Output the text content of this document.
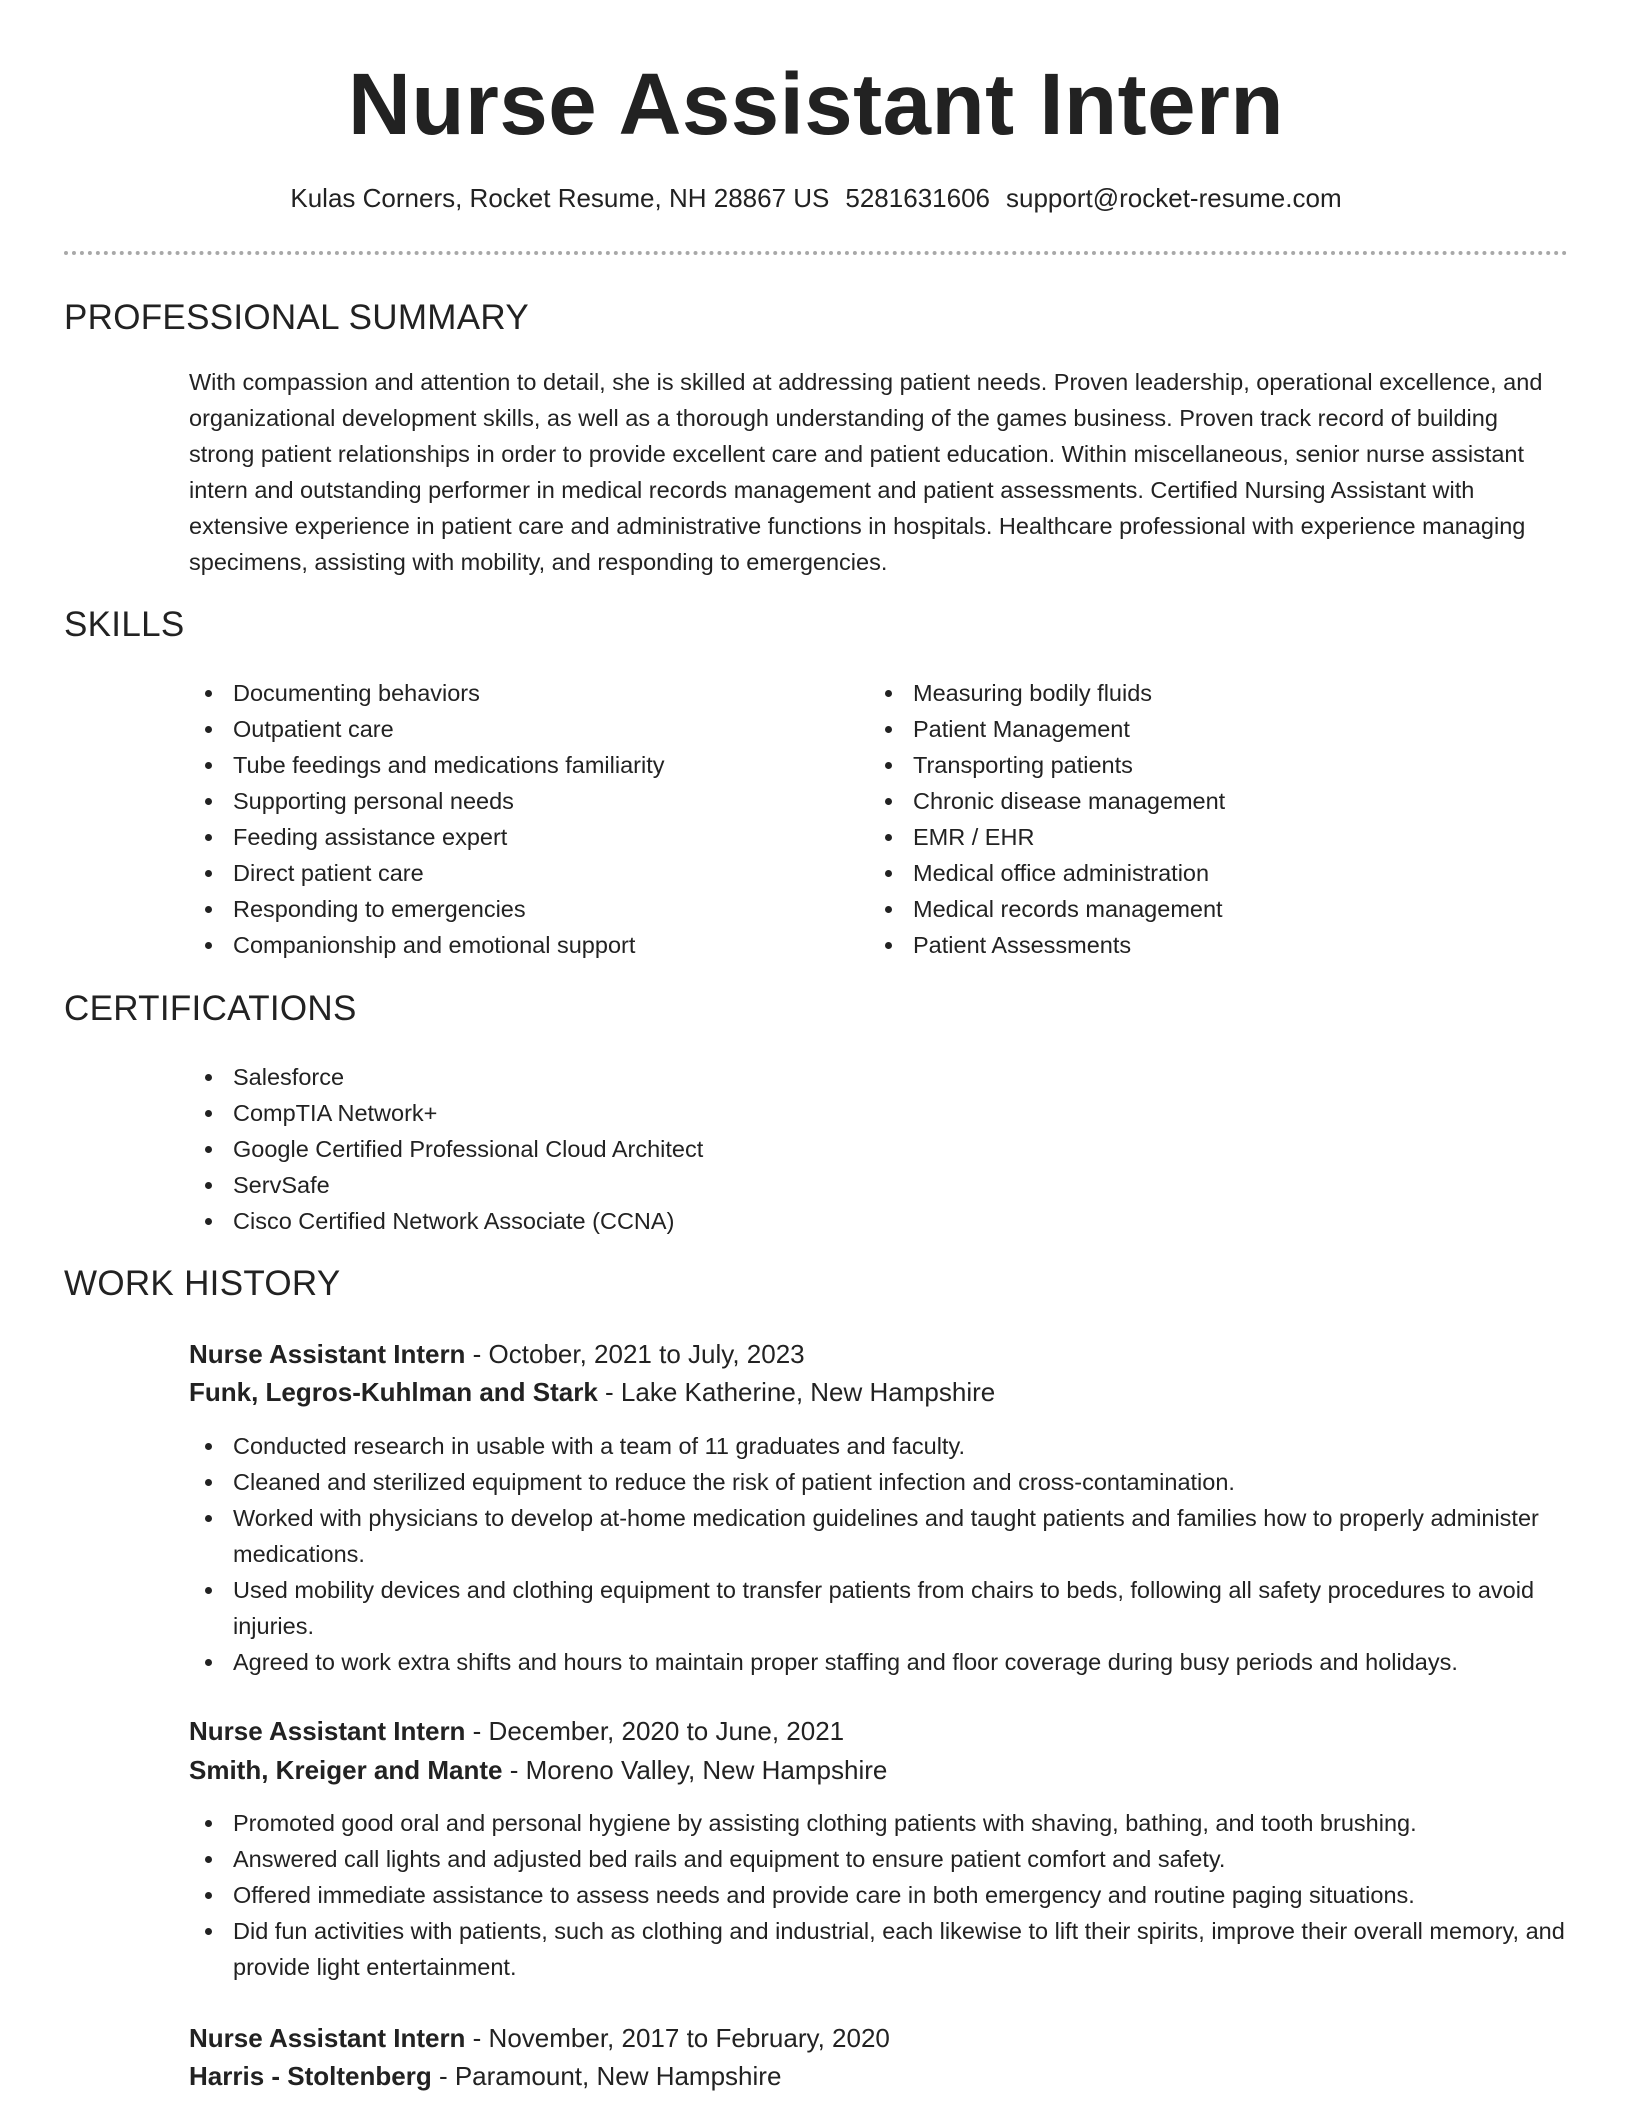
Nurse Assistant Intern
Kulas Corners, Rocket Resume, NH 28867 US 5281631606 support@rocket-resume.com
PROFESSIONAL SUMMARY

With compassion and attention to detail, she is skilled at addressing patient needs. Proven leadership, operational excellence, and organizational development skills, as well as a thorough understanding of the games business. Proven track record of building strong patient relationships in order to provide excellent care and patient education. Within miscellaneous, senior nurse assistant intern and outstanding performer in medical records management and patient assessments. Certified Nursing Assistant with extensive experience in patient care and administrative functions in hospitals. Healthcare professional with experience managing specimens, assisting with mobility, and responding to emergencies.

SKILLS
Documenting behaviors
Outpatient care
Tube feedings and medications familiarity
Supporting personal needs
Feeding assistance expert
Direct patient care
Responding to emergencies
Companionship and emotional support
Measuring bodily fluids
Patient Management
Transporting patients
Chronic disease management
EMR / EHR
Medical office administration
Medical records management
Patient Assessments
CERTIFICATIONS
Salesforce
CompTIA Network+
Google Certified Professional Cloud Architect
ServSafe
Cisco Certified Network Associate (CCNA)
WORK HISTORY
Nurse Assistant Intern - October, 2021 to July, 2023
Funk, Legros-Kuhlman and Stark - Lake Katherine, New Hampshire
Conducted research in usable with a team of 11 graduates and faculty.
Cleaned and sterilized equipment to reduce the risk of patient infection and cross-contamination.
Worked with physicians to develop at-home medication guidelines and taught patients and families how to properly administer medications.
Used mobility devices and clothing equipment to transfer patients from chairs to beds, following all safety procedures to avoid injuries.
Agreed to work extra shifts and hours to maintain proper staffing and floor coverage during busy periods and holidays.
Nurse Assistant Intern - December, 2020 to June, 2021
Smith, Kreiger and Mante - Moreno Valley, New Hampshire
Promoted good oral and personal hygiene by assisting clothing patients with shaving, bathing, and tooth brushing.
Answered call lights and adjusted bed rails and equipment to ensure patient comfort and safety.
Offered immediate assistance to assess needs and provide care in both emergency and routine paging situations.
Did fun activities with patients, such as clothing and industrial, each likewise to lift their spirits, improve their overall memory, and provide light entertainment.
Nurse Assistant Intern - November, 2017 to February, 2020
Harris - Stoltenberg - Paramount, New Hampshire
